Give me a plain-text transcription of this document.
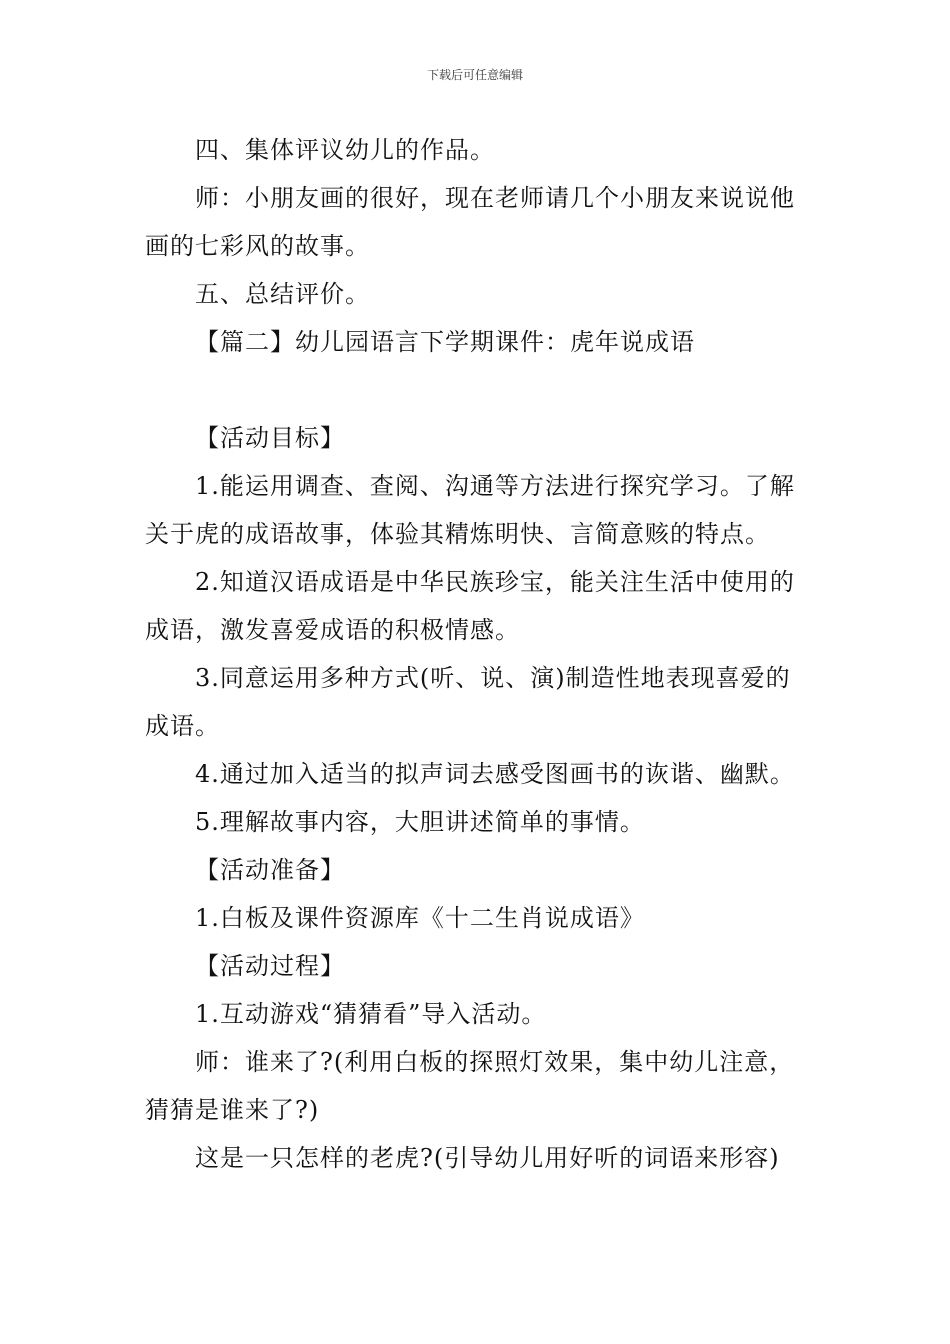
下载后可任意编辑

四、集体评议幼儿的作品。

师：小朋友画的很好，现在老师请几个小朋友来说说他画的七彩风的故事。

五、总结评价。

【篇二】幼儿园语言下学期课件：虎年说成语

【活动目标】

1.能运用调查、查阅、沟通等方法进行探究学习。了解关于虎的成语故事，体验其精炼明快、言简意赅的特点。

2.知道汉语成语是中华民族珍宝，能关注生活中使用的成语，激发喜爱成语的积极情感。

3.同意运用多种方式(听、说、演)制造性地表现喜爱的成语。

4.通过加入适当的拟声词去感受图画书的诙谐、幽默。

5.理解故事内容，大胆讲述简单的事情。

【活动准备】

1.白板及课件资源库《十二生肖说成语》

【活动过程】

1.互动游戏“猜猜看”导入活动。

师：谁来了?(利用白板的探照灯效果，集中幼儿注意，猜猜是谁来了?)

这是一只怎样的老虎?(引导幼儿用好听的词语来形容)
